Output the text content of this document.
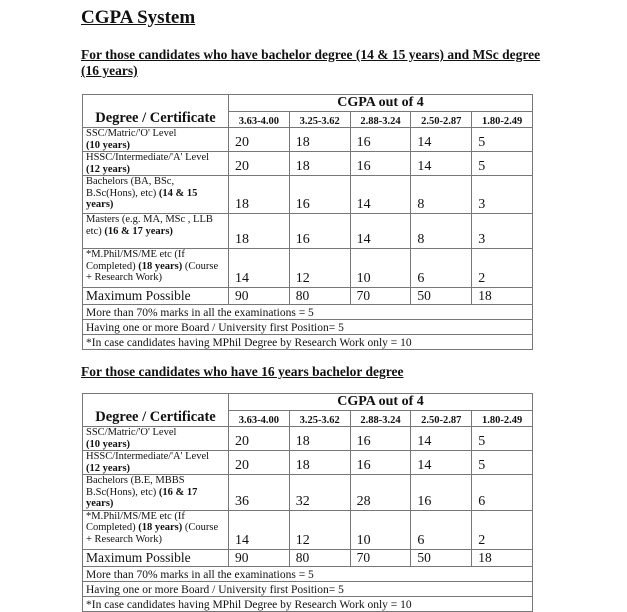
CGPA System
For those candidates who have bachelor degree (14 & 15 years) and MSc degree (16 years)
Degree / Certificate	CGPA out of 4				
	3.63-4.00	3.25-3.62	2.88-3.24	2.50-2.87	1.80-2.49
SSC/Matric/'O' Level
(10 years)	20	18	16	14	5
HSSC/Intermediate/'A' Level
(12 years)	20	18	16	14	5
Bachelors (BA, BSc, B.Sc(Hons), etc) (14 & 15 years)	18	16	14	8	3
Masters (e.g. MA, MSc , LLB etc) (16 & 17 years)	18	16	14	8	3
*M.Phil/MS/ME etc (If Completed) (18 years) (Course + Research Work)	14	12	10	6	2
Maximum Possible	90	80	70	50	18
More than 70% marks in all the examinations = 5					
Having one or more Board / University first Position= 5					
*In case candidates having MPhil Degree by Research Work only = 10					
For those candidates who have 16 years bachelor degree
Degree / Certificate	CGPA out of 4				
	3.63-4.00	3.25-3.62	2.88-3.24	2.50-2.87	1.80-2.49
SSC/Matric/'O' Level
(10 years)	20	18	16	14	5
HSSC/Intermediate/'A' Level
(12 years)	20	18	16	14	5
Bachelors (B.E, MBBS B.Sc(Hons), etc) (16 & 17 years)	36	32	28	16	6
*M.Phil/MS/ME etc (If Completed) (18 years) (Course + Research Work)	14	12	10	6	2
Maximum Possible	90	80	70	50	18
More than 70% marks in all the examinations = 5					
Having one or more Board / University first Position= 5					
*In case candidates having MPhil Degree by Research Work only = 10					
